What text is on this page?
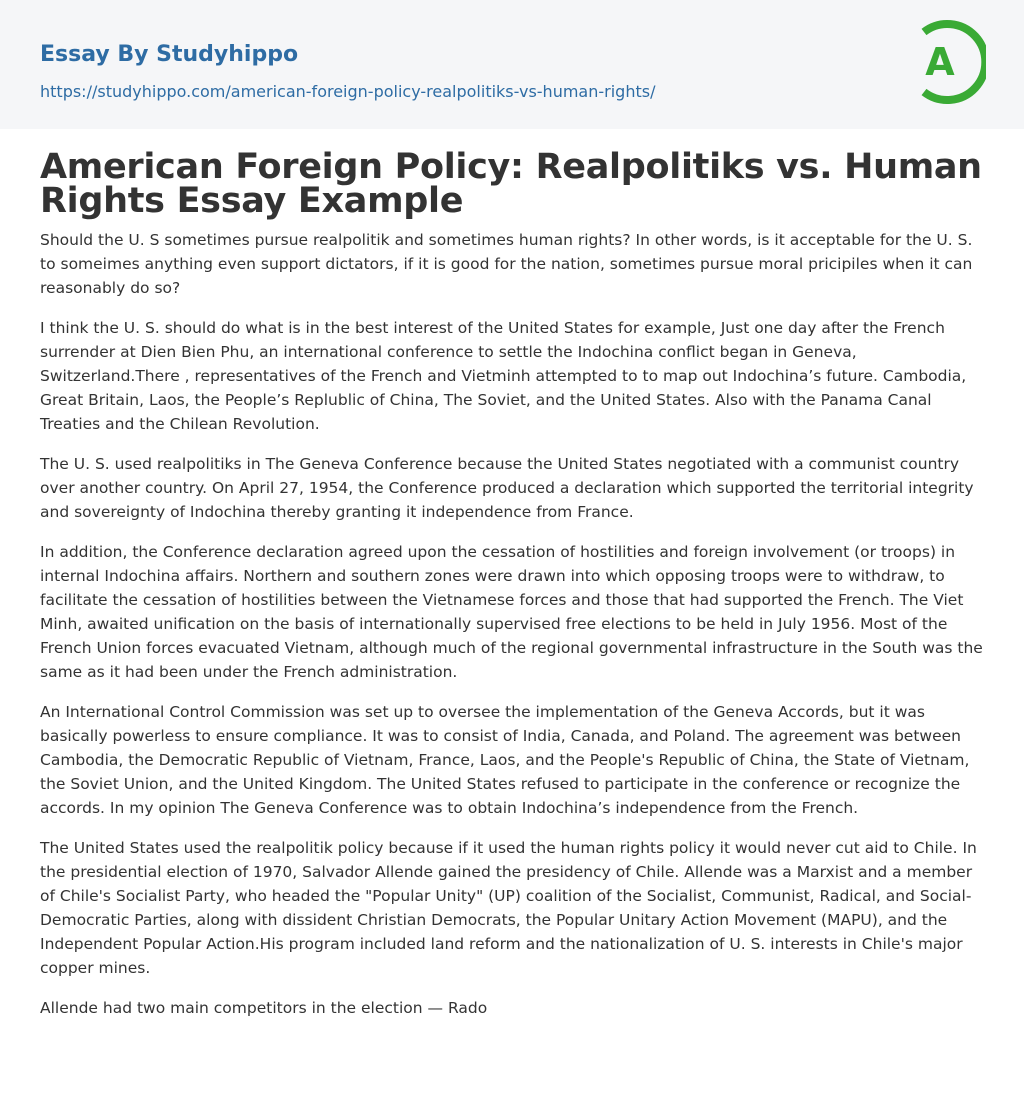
Essay By Studyhippo
https://studyhippo.com/american-foreign-policy-realpolitiks-vs-human-rights/
A
American Foreign Policy: Realpolitiks vs. Human Rights Essay Example

Should the U. S sometimes pursue realpolitik and sometimes human rights? In other words, is it acceptable for the U. S. to someimes anything even support dictators, if it is good for the nation, sometimes pursue moral pricipiles when it can reasonably do so?

I think the U. S. should do what is in the best interest of the United States for example, Just one day after the French surrender at Dien Bien Phu, an international conference to settle the Indochina conflict began in Geneva, Switzerland.There , representatives of the French and Vietminh attempted to to map out Indochina’s future. Cambodia, Great Britain, Laos, the People’s Replublic of China, The Soviet, and the United States. Also with the Panama Canal Treaties and the Chilean Revolution.

The U. S. used realpolitiks in The Geneva Conference because the United States negotiated with a communist country over another country. On April 27, 1954, the Conference produced a declaration which supported the territorial integrity and sovereignty of Indochina thereby granting it independence from France.

In addition, the Conference declaration agreed upon the cessation of hostilities and foreign involvement (or troops) in internal Indochina affairs. Northern and southern zones were drawn into which opposing troops were to withdraw, to facilitate the cessation of hostilities between the Vietnamese forces and those that had supported the French. The Viet Minh, awaited unification on the basis of internationally supervised free elections to be held in July 1956. Most of the French Union forces evacuated Vietnam, although much of the regional governmental infrastructure in the South was the same as it had been under the French administration.

An International Control Commission was set up to oversee the implementation of the Geneva Accords, but it was basically powerless to ensure compliance. It was to consist of India, Canada, and Poland. The agreement was between Cambodia, the Democratic Republic of Vietnam, France, Laos, and the People's Republic of China, the State of Vietnam, the Soviet Union, and the United Kingdom. The United States refused to participate in the conference or recognize the accords. In my opinion The Geneva Conference was to obtain Indochina’s independence from the French.

The United States used the realpolitik policy because if it used the human rights policy it would never cut aid to Chile. In the presidential election of 1970, Salvador Allende gained the presidency of Chile. Allende was a Marxist and a member of Chile's Socialist Party, who headed the "Popular Unity" (UP) coalition of the Socialist, Communist, Radical, and Social-Democratic Parties, along with dissident Christian Democrats, the Popular Unitary Action Movement (MAPU), and the Independent Popular Action.His program included land reform and the nationalization of U. S. interests in Chile's major copper mines.

Allende had two main competitors in the election — Rado
